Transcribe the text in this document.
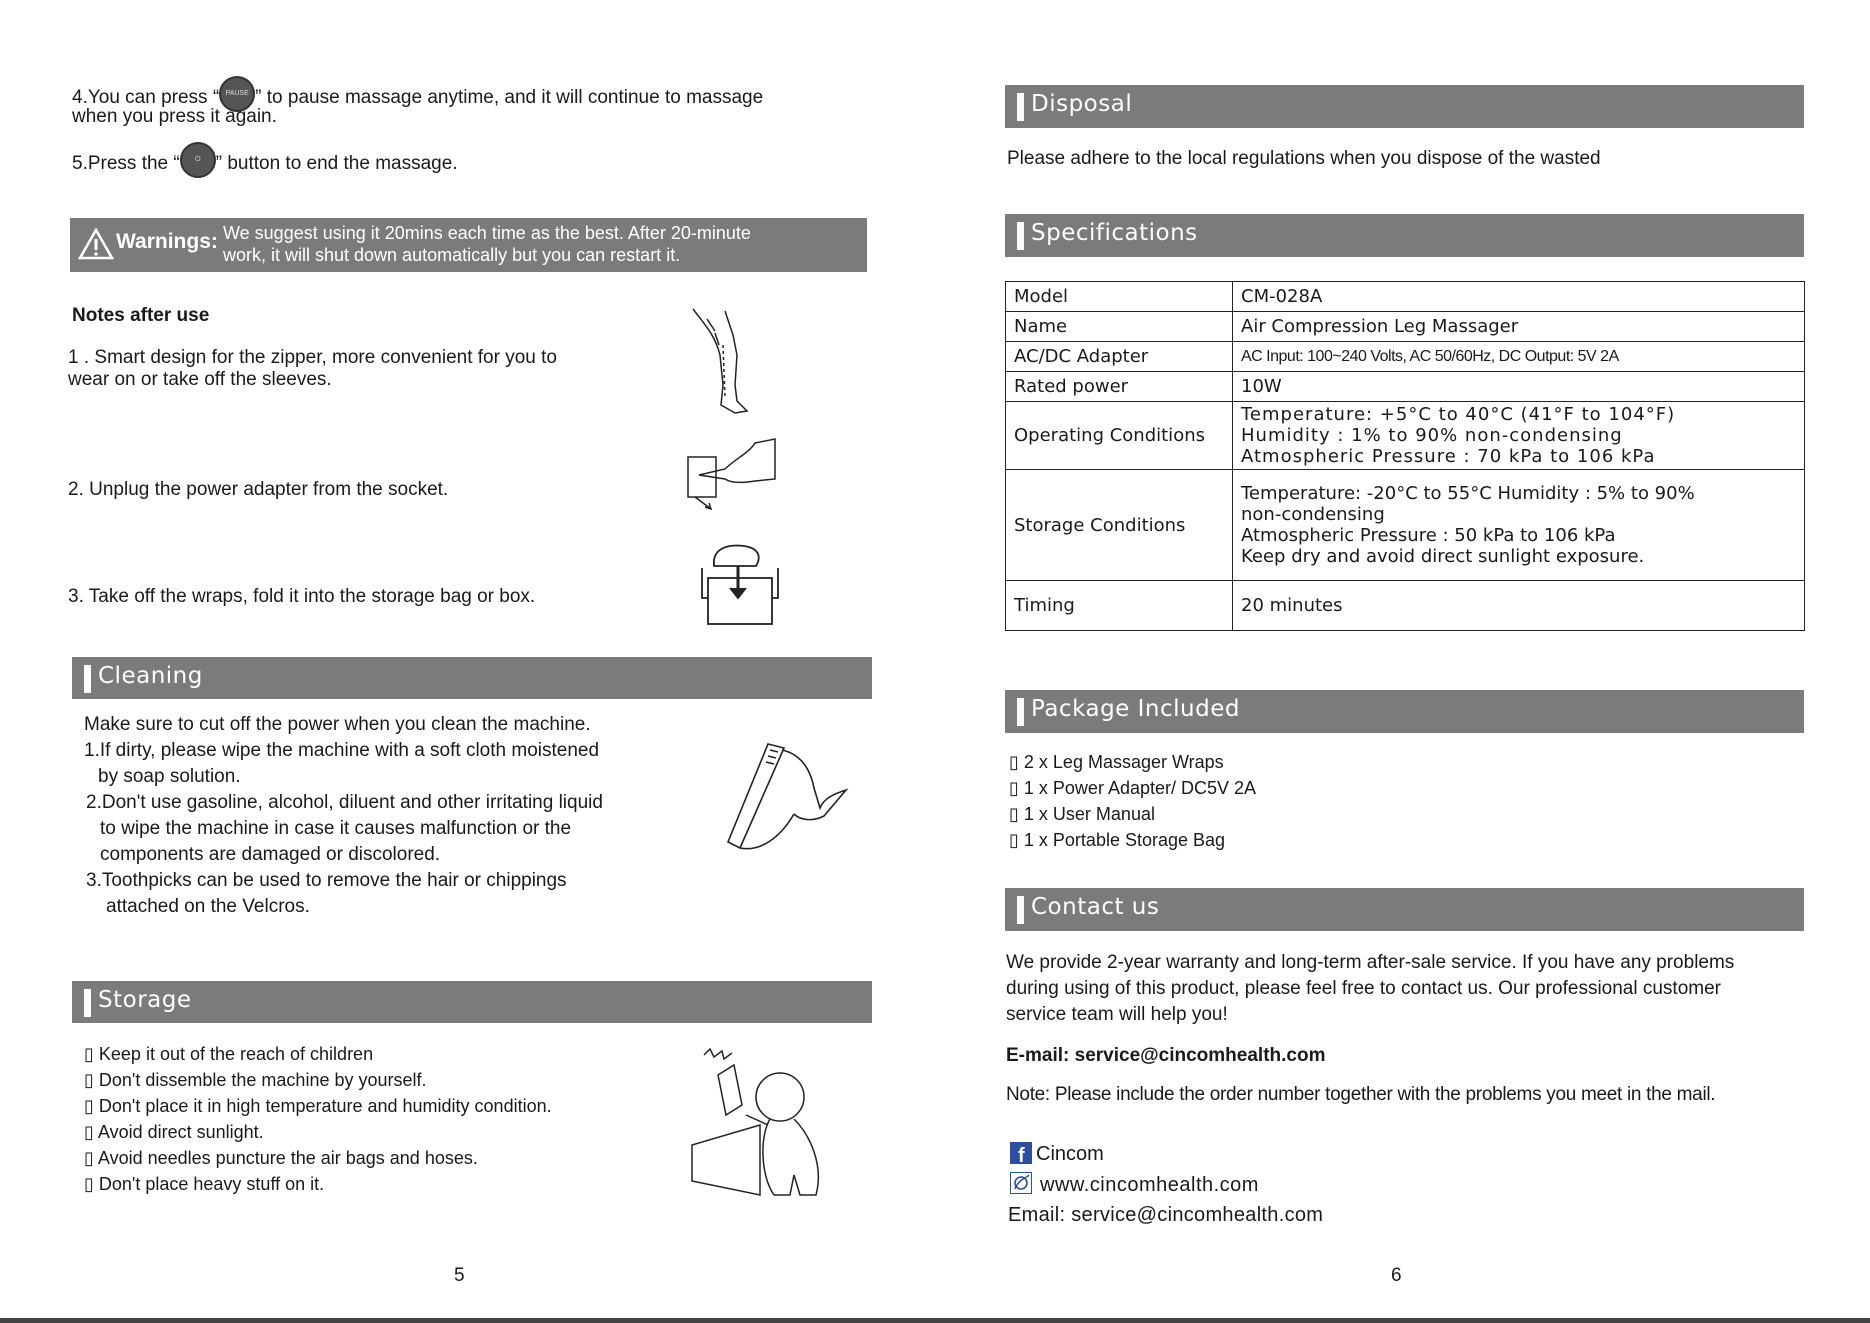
4.You can press “ PAUSE ” to pause massage anytime, and it will continue to massage
when you press it again.
5.Press the “ ⏻ ” button to end the massage.
Warnings: We suggest using it 20mins each time as the best. After 20-minute
work, it will shut down automatically but you can restart it.
Notes after use
1 . Smart design for the zipper, more convenient for you to
wear on or take off the sleeves.
2. Unplug the power adapter from the socket.
3. Take off the wraps, fold it into the storage bag or box.
Cleaning
Make sure to cut off the power when you clean the machine.
1.If dirty, please wipe the machine with a soft cloth moistened
by soap solution.
2.Don't use gasoline, alcohol, diluent and other irritating liquid
to wipe the machine in case it causes malfunction or the
components are damaged or discolored.
3.Toothpicks can be used to remove the hair or chippings
attached on the Velcros.
Storage
▯ Keep it out of the reach of children
▯ Don't dissemble the machine by yourself.
▯ Don't place it in high temperature and humidity condition.
▯ Avoid direct sunlight.
▯ Avoid needles puncture the air bags and hoses.
▯ Don't place heavy stuff on it.
5
Disposal
Please adhere to the local regulations when you dispose of the wasted
Specifications
Model	CM-028A
Name	Air Compression Leg Massager
AC/DC Adapter	AC Input: 100~240 Volts, AC 50/60Hz, DC Output: 5V 2A
Rated power	10W
Operating Conditions	Temperature: +5°C to 40°C (41°F to 104°F)
Humidity : 1% to 90% non-condensing
Atmospheric Pressure : 70 kPa to 106 kPa

Storage Conditions	Temperature: -20°C to 55°C Humidity : 5% to 90%
non-condensing
Atmospheric Pressure : 50 kPa to 106 kPa
Keep dry and avoid direct sunlight exposure.

Timing	20 minutes
Package Included
▯ 2 x Leg Massager Wraps
▯ 1 x Power Adapter/ DC5V 2A
▯ 1 x User Manual
▯ 1 x Portable Storage Bag
Contact us
We provide 2-year warranty and long-term after-sale service. If you have any problems
during using of this product, please feel free to contact us. Our professional customer
service team will help you!
E-mail: service@cincomhealth.com
Note: Please include the order number together with the problems you meet in the mail.
f Cincom
www.cincomhealth.com
Email: service@cincomhealth.com
6
